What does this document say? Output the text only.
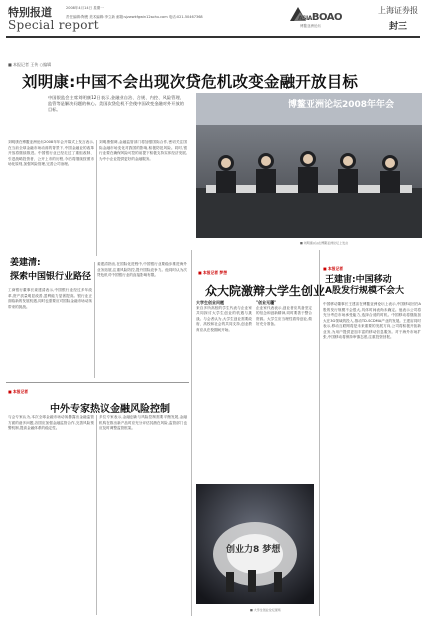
特别报道
Special report
2008年4月14日 星期一
责任编辑:陶俊 美术编辑:李立新 邮箱:sjzwwkfgwin12sohu.com 电话:021-50467368	ASIABOAO
博鳌亚洲论坛
上海证券报
封三
■ 本报记者 王传 ○编辑
刘明康:中国不会出现次贷危机改变金融开放目标
中国银监会主席刘明康12日表示,金融业自治、合规、内控、风险管理、监管等是解决问题的核心。美国次贷危机不会使中国改变金融对外开放的目标。	博鳌亚洲论坛2008年年会
■ 刘明康(右)在博鳌亚洲论坛上发言
刘明康在博鳌亚洲论坛2008年年会开幕式上发言表示,在当前全球金融市场动荡的背景下,中国金融业的改革开放将继续推进。中国银行业已经走过了重组改制、引进战略投资者、公开上市的历程,今后将继续按照市场化原则,加强风险管理,完善公司治理。
刘明康强调,金融监管部门将加强国际合作,密切关注国际金融市场变化对我国的影响,积极防范风险。同时,银行业要在确保风险可控的前提下积极支持实体经济发展,为中小企业提供更好的金融服务。
姜建清:
探索中国银行业路径
工商银行董事长姜建清表示,中国银行业经过多年改革,资产质量明显改善,盈利能力显著提高。银行业正面临新的发展机遇,同时也需要应对国际金融市场动荡带来的挑战。
姜建清指出,在国际化进程中,中国银行业要稳步推进海外业务拓展,注重风险防控,提升国际竞争力。他同时认为次贷危机对中国银行业的直接影响有限。
■ 本报记者
中外专家热议金融风险控制
与会专家认为,本次全球金融市场动荡暴露出金融监管方面的诸多问题,各国应加强金融监管合作,完善风险预警机制,提高金融体系的稳定性。
多位专家表示,金融创新与风险控制需要平衡发展,金融机构在推出新产品时应充分评估其潜在风险,监管部门也应及时调整监管框架。
■ 本报记者 梦想
众大院激辩大学生创业
大学生创业问题
来自多所高校的学生代表与企业家共同探讨大学生创业的机遇与挑战。与会者认为,大学生创业需要政府、高校和社会的共同支持,创业教育应从在校期间开始。
"创业无疆"
企业家代表表示,创业者应具备坚定的信念和创新精神,同时要善于整合资源。大学生应当理性看待创业,做好充分准备。
创业力8 梦想
■ 大学生创业论坛现场
■ 本报记者
王建宙:中国移动
A股发行规模不会大
中国移动董事长王建宙在博鳌亚洲论坛上表示,中国移动回归A股的发行规模不会很大,具体时间表尚未确定。他表示公司将充分考虑市场承受能力,选择合适的时机。中国移动将继续加大在3G领域的投入,推动TD-SCDMA产业的发展。王建宙同时表示,移动互联网将是未来重要的发展方向,公司将积极开拓新业务,为用户提供更加丰富的移动信息服务。对于海外市场扩张,中国移动将保持审慎态度,注重投资回报。
